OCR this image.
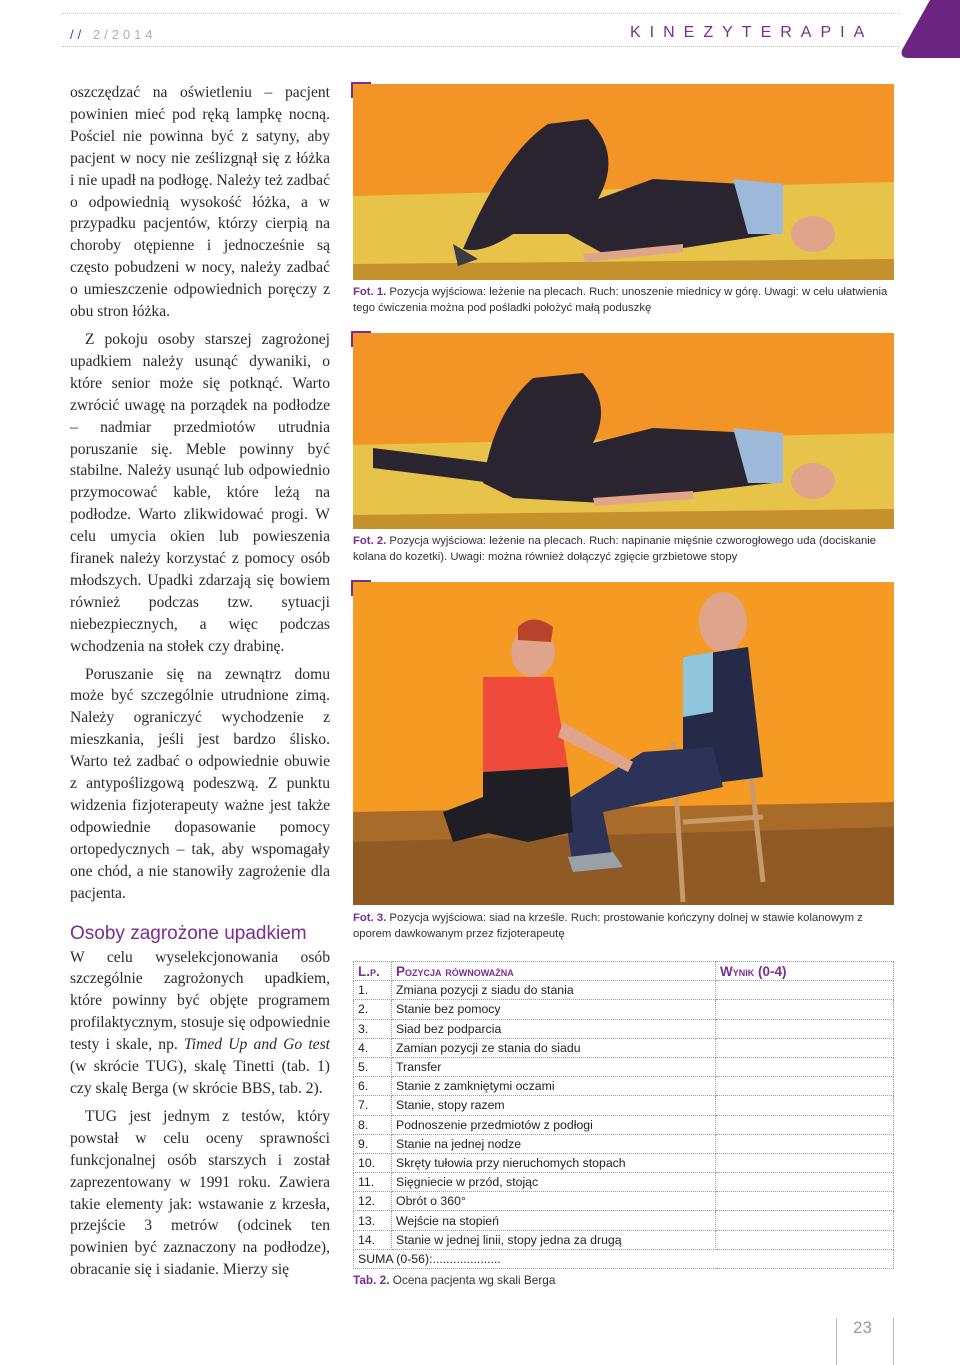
// 2/2014	KINEZYTERAPIA

oszczędzać na oświetleniu – pacjent powinien mieć pod ręką lampkę nocną. Pościel nie powinna być z satyny, aby pacjent w nocy nie ześlizgnął się z łóżka i nie upadł na podłogę. Należy też zadbać o odpowiednią wysokość łóżka, a w przypadku pacjentów, którzy cierpią na choroby otępienne i jednocześnie są często pobudzeni w nocy, należy zadbać o umieszczenie odpowiednich poręczy z obu stron łóżka.

Z pokoju osoby starszej zagrożonej upadkiem należy usunąć dywaniki, o które senior może się potknąć. Warto zwrócić uwagę na porządek na podłodze – nadmiar przedmiotów utrudnia poruszanie się. Meble powinny być stabilne. Należy usunąć lub odpowiednio przymocować kable, które leżą na podłodze. Warto zlikwidować progi. W celu umycia okien lub powieszenia firanek należy korzystać z pomocy osób młodszych. Upadki zdarzają się bowiem również podczas tzw. sytuacji niebezpiecznych, a więc podczas wchodzenia na stołek czy drabinę.

Poruszanie się na zewnątrz domu może być szczególnie utrudnione zimą. Należy ograniczyć wychodzenie z mieszkania, jeśli jest bardzo ślisko. Warto też zadbać o odpowiednie obuwie z antypoślizgową podeszwą. Z punktu widzenia fizjoterapeuty ważne jest także odpowiednie dopasowanie pomocy ortopedycznych – tak, aby wspomagały one chód, a nie stanowiły zagrożenie dla pacjenta.

Osoby zagrożone upadkiem

W celu wyselekcjonowania osób szczególnie zagrożonych upadkiem, które powinny być objęte programem profilaktycznym, stosuje się odpowiednie testy i skale, np. Timed Up and Go test (w skrócie TUG), skalę Tinetti (tab. 1) czy skalę Berga (w skrócie BBS, tab. 2).

TUG jest jednym z testów, który powstał w celu oceny sprawności funkcjonalnej osób starszych i został zaprezentowany w 1991 roku. Zawiera takie elementy jak: wstawanie z krzesła, przejście 3 metrów (odcinek ten powinien być zaznaczony na podłodze), obracanie się i siadanie. Mierzy się

Fot. 1. Pozycja wyjściowa: leżenie na plecach. Ruch: unoszenie miednicy w górę. Uwagi: w celu ułatwienia tego ćwiczenia można pod pośladki położyć małą poduszkę
Fot. 2. Pozycja wyjściowa: leżenie na plecach. Ruch: napinanie mięśnie czworogłowego uda (dociskanie kolana do kozetki). Uwagi: można również dołączyć zgięcie grzbietowe stopy
Fot. 3. Pozycja wyjściowa: siad na krześle. Ruch: prostowanie kończyny dolnej w stawie kolanowym z oporem dawkowanym przez fizjoterapeutę
L.p.	Pozycja równoważna	Wynik (0-4)
1.	Zmiana pozycji z siadu do stania	
2.	Stanie bez pomocy	
3.	Siad bez podparcia	
4.	Zamian pozycji ze stania do siadu	
5.	Transfer	
6.	Stanie z zamkniętymi oczami	
7.	Stanie, stopy razem	
8.	Podnoszenie przedmiotów z podłogi	
9.	Stanie na jednej nodze	
10.	Skręty tułowia przy nieruchomych stopach	
11.	Sięgniecie w przód, stojąc	
12.	Obrót o 360°	
13.	Wejście na stopień	
14.	Stanie w jednej linii, stopy jedna za drugą	
SUMA (0-56):....................		
Tab. 2. Ocena pacjenta wg skali Berga
23
